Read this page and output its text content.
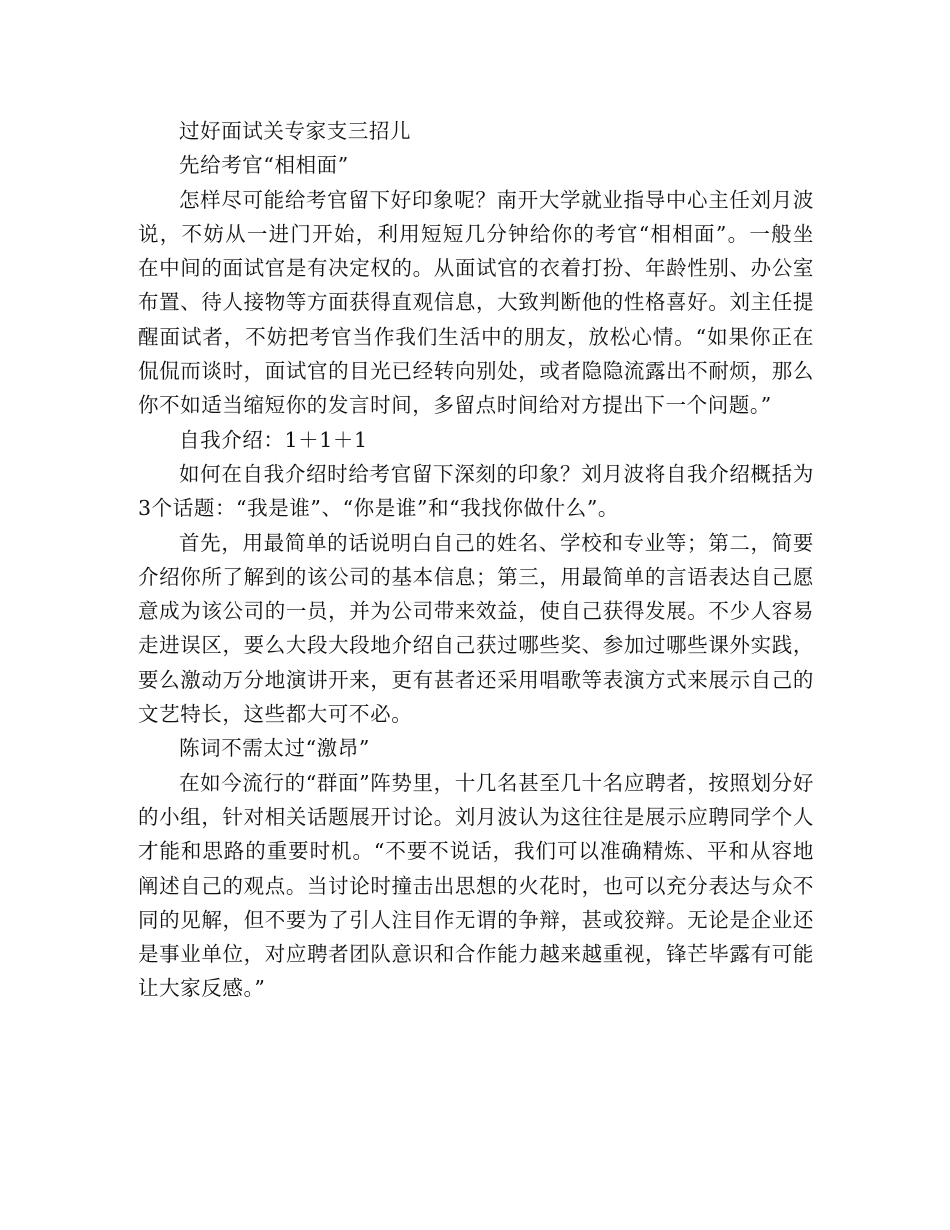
过好面试关专家支三招儿

先给考官“相相面”

怎样尽可能给考官留下好印象呢？南开大学就业指导中心主任刘月波说，不妨从一进门开始，利用短短几分钟给你的考官“相相面”。一般坐在中间的面试官是有决定权的。从面试官的衣着打扮、年龄性别、办公室布置、待人接物等方面获得直观信息，大致判断他的性格喜好。刘主任提醒面试者，不妨把考官当作我们生活中的朋友，放松心情。“如果你正在侃侃而谈时，面试官的目光已经转向别处，或者隐隐流露出不耐烦，那么你不如适当缩短你的发言时间，多留点时间给对方提出下一个问题。”

自我介绍：1＋1＋1

如何在自我介绍时给考官留下深刻的印象？刘月波将自我介绍概括为3个话题：“我是谁”、“你是谁”和“我找你做什么”。

首先，用最简单的话说明白自己的姓名、学校和专业等；第二，简要介绍你所了解到的该公司的基本信息；第三，用最简单的言语表达自己愿意成为该公司的一员，并为公司带来效益，使自己获得发展。不少人容易走进误区，要么大段大段地介绍自己获过哪些奖、参加过哪些课外实践，要么激动万分地演讲开来，更有甚者还采用唱歌等表演方式来展示自己的文艺特长，这些都大可不必。

陈词不需太过“激昂”

在如今流行的“群面”阵势里，十几名甚至几十名应聘者，按照划分好的小组，针对相关话题展开讨论。刘月波认为这往往是展示应聘同学个人才能和思路的重要时机。“不要不说话，我们可以准确精炼、平和从容地阐述自己的观点。当讨论时撞击出思想的火花时，也可以充分表达与众不同的见解，但不要为了引人注目作无谓的争辩，甚或狡辩。无论是企业还是事业单位，对应聘者团队意识和合作能力越来越重视，锋芒毕露有可能让大家反感。”
